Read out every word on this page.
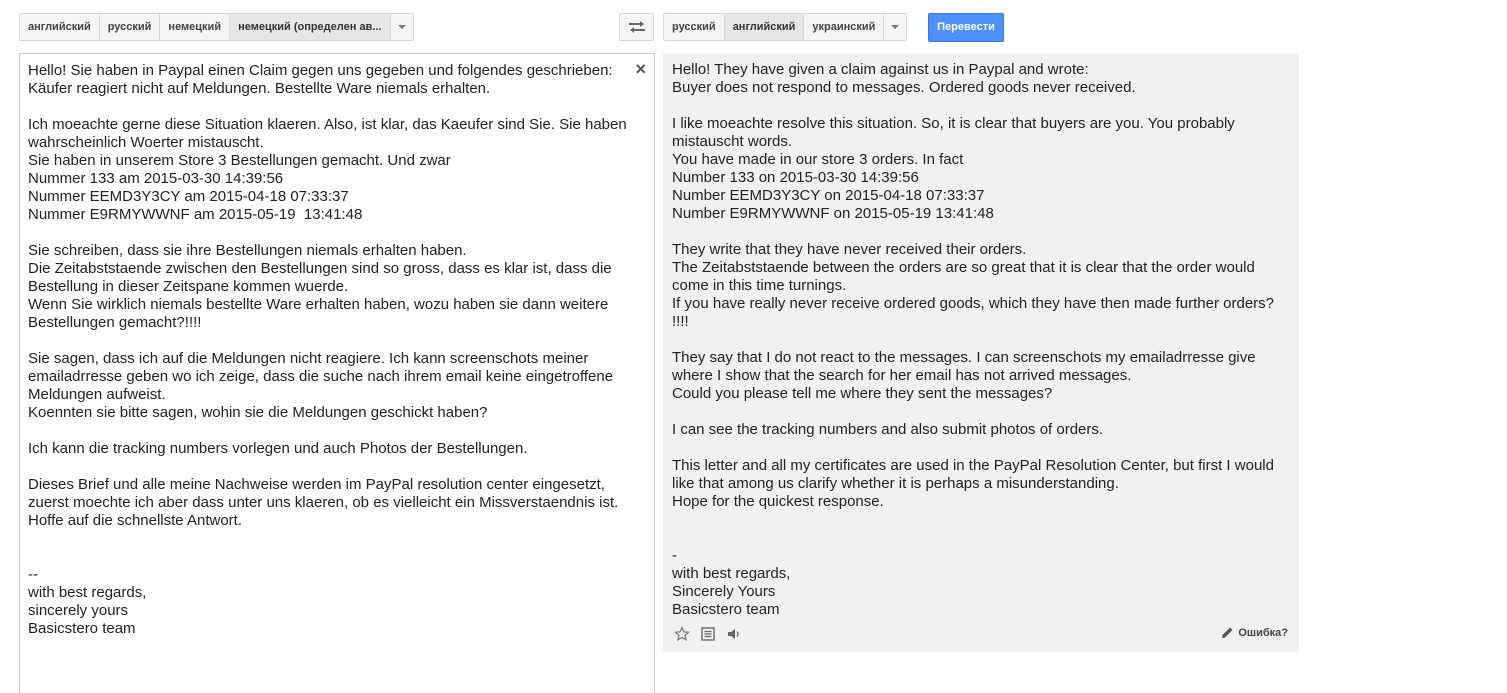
английский	русский	немецкий	немецкий (определен ав...	русский	английский	украинский	Перевести

Hello! Sie haben in Paypal einen Claim gegen uns gegeben und folgendes geschrieben:
Käufer reagiert nicht auf Meldungen. Bestellte Ware niemals erhalten.

Ich moeachte gerne diese Situation klaeren. Also, ist klar, das Kaeufer sind Sie. Sie haben wahrscheinlich Woerter mistauscht.
Sie haben in unserem Store 3 Bestellungen gemacht. Und zwar
Nummer 133 am 2015-03-30 14:39:56
Nummer EEMD3Y3CY am 2015-04-18 07:33:37
Nummer E9RMYWWNF am 2015-05-19  13:41:48

Sie schreiben, dass sie ihre Bestellungen niemals erhalten haben.
Die Zeitabststaende zwischen den Bestellungen sind so gross, dass es klar ist, dass die Bestellung in dieser Zeitspane kommen wuerde.
Wenn Sie wirklich niemals bestellte Ware erhalten haben, wozu haben sie dann weitere Bestellungen gemacht?!!!!

Sie sagen, dass ich auf die Meldungen nicht reagiere. Ich kann screenschots meiner emailadrresse geben wo ich zeige, dass die suche nach ihrem email keine eingetroffene Meldungen aufweist.
Koennten sie bitte sagen, wohin sie die Meldungen geschickt haben?

Ich kann die tracking numbers vorlegen und auch Photos der Bestellungen.

Dieses Brief und alle meine Nachweise werden im PayPal resolution center eingesetzt, zuerst moechte ich aber dass unter uns klaeren, ob es vielleicht ein Missverstaendnis ist.
Hoffe auf die schnellste Antwort.

--
with best regards,
sincerely yours
Basicstero team

× Hello! They have given a claim against us in Paypal and wrote:
Buyer does not respond to messages. Ordered goods never received.

I like moeachte resolve this situation. So, it is clear that buyers are you. You probably mistauscht words.
You have made in our store 3 orders. In fact
Number 133 on 2015-03-30 14:39:56
Number EEMD3Y3CY on 2015-04-18 07:33:37
Number E9RMYWWNF on 2015-05-19 13:41:48

They write that they have never received their orders.
The Zeitabststaende between the orders are so great that it is clear that the order would come in this time turnings.
If you have really never receive ordered goods, which they have then made further orders? !!!!

They say that I do not react to the messages. I can screenschots my emailadrresse give where I show that the search for her email has not arrived messages.
Could you please tell me where they sent the messages?

I can see the tracking numbers and also submit photos of orders.

This letter and all my certificates are used in the PayPal Resolution Center, but first I would like that among us clarify whether it is perhaps a misunderstanding.
Hope for the quickest response.

-
with best regards,
Sincerely Yours
Basicstero team

Ошибка?
